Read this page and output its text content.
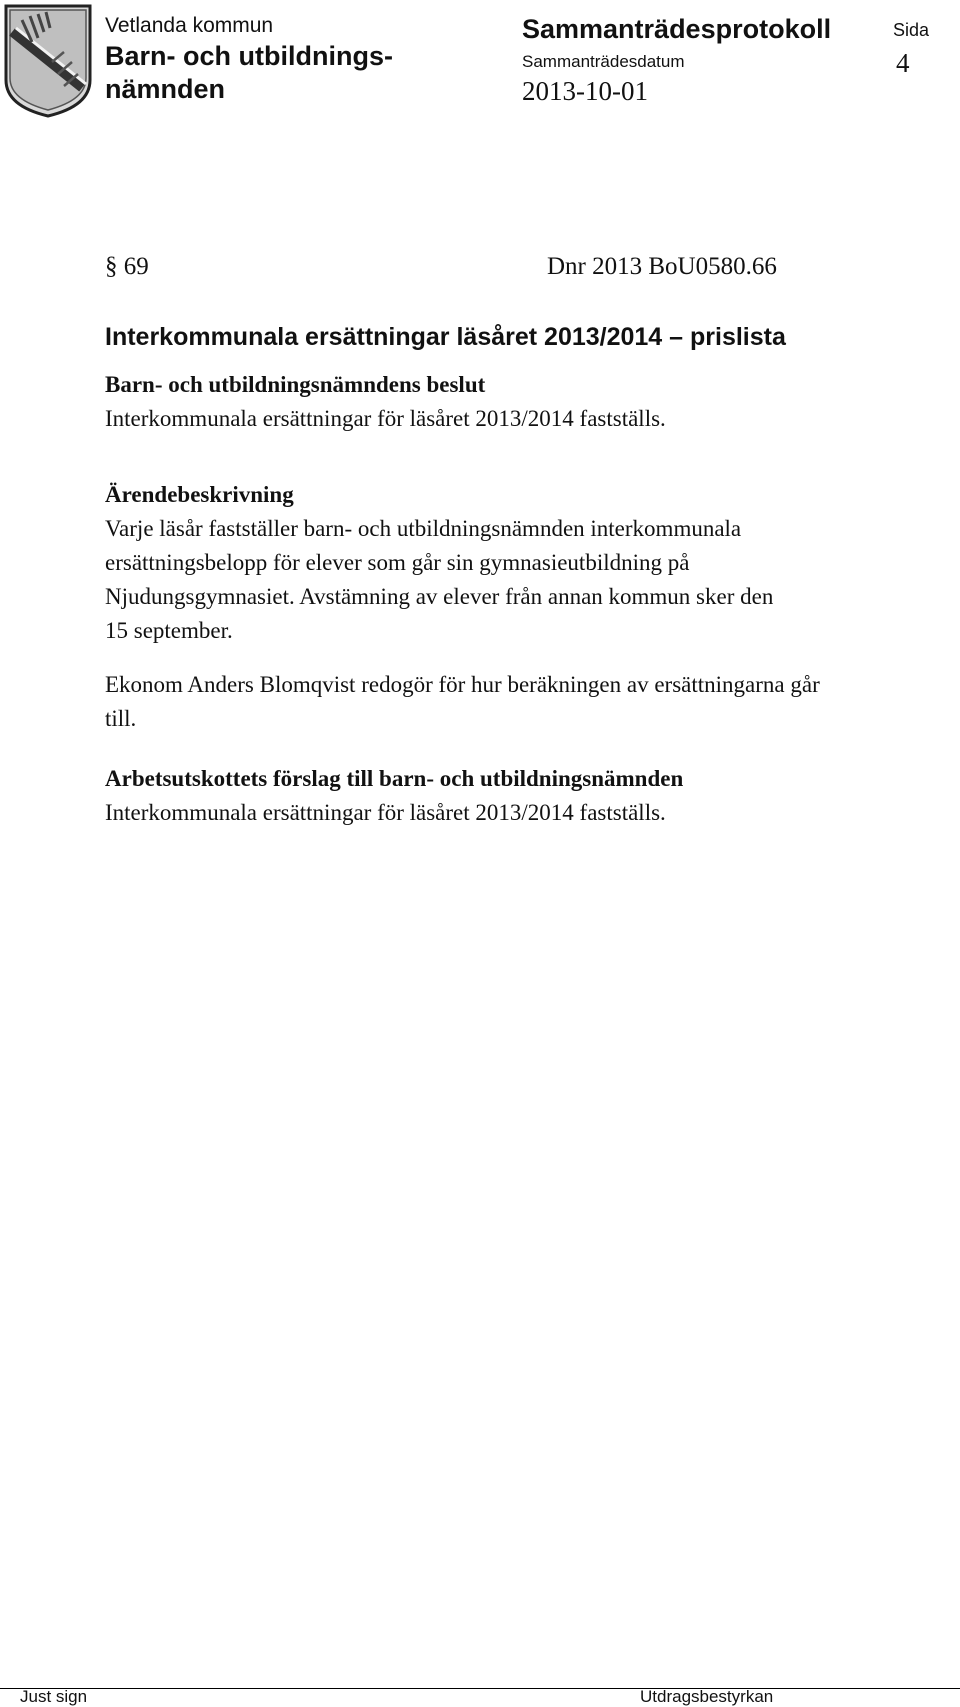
Vetlanda kommun
Barn- och utbildnings-nämnden
Sammanträdesprotokoll
Sammanträdesdatum
2013-10-01
Sida
4
§ 69	Dnr 2013 BoU0580.66
Interkommunala ersättningar läsåret 2013/2014 – prislista
Barn- och utbildningsnämndens beslut
Interkommunala ersättningar för läsåret 2013/2014 fastställs.
Ärendebeskrivning
Varje läsår fastställer barn- och utbildningsnämnden interkommunala
ersättningsbelopp för elever som går sin gymnasieutbildning på
Njudungsgymnasiet. Avstämning av elever från annan kommun sker den
15 september.
Ekonom Anders Blomqvist redogör för hur beräkningen av ersättningarna går
till.
Arbetsutskottets förslag till barn- och utbildningsnämnden
Interkommunala ersättningar för läsåret 2013/2014 fastställs.
Just sign	Utdragsbestyrkan
